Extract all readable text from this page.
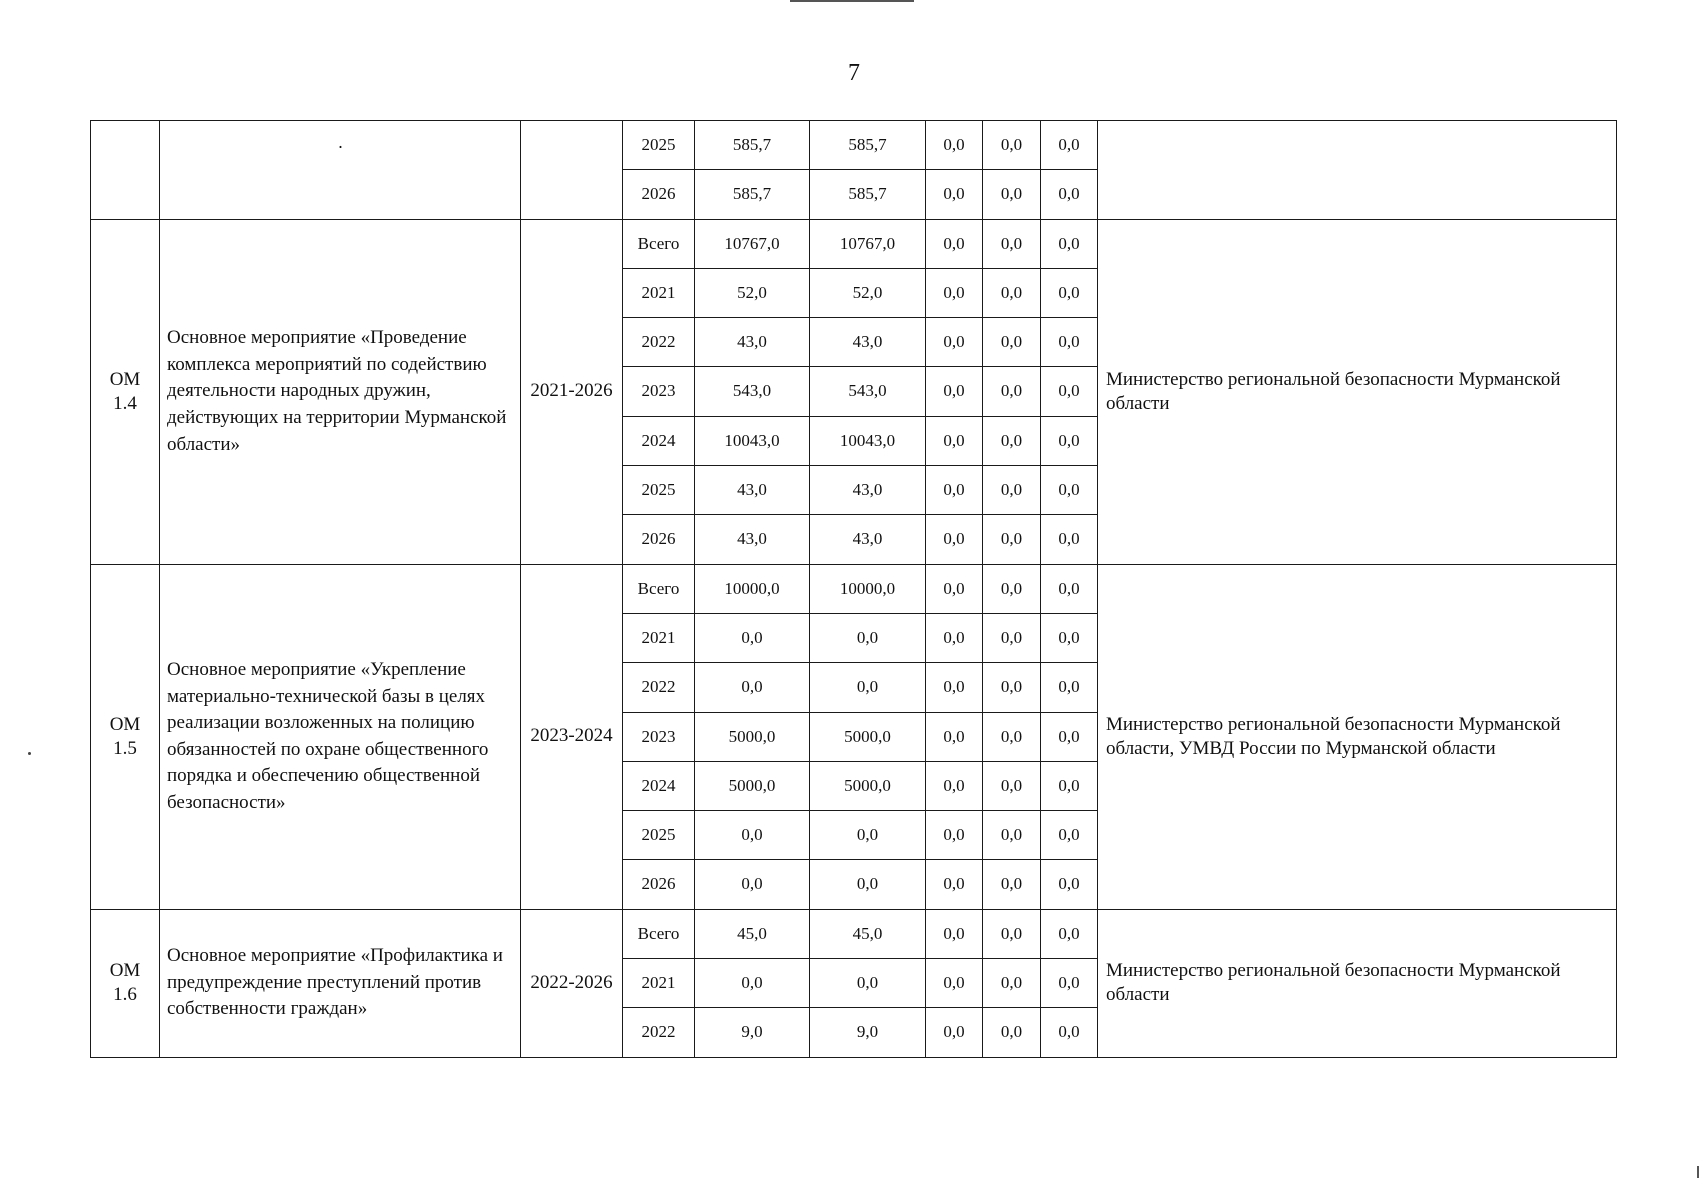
7

	·		2025	585,7	585,7	0,0	0,0	0,0	
			2026	585,7	585,7	0,0	0,0	0,0	

ОМ
1.4	Основное мероприятие «Проведение комплекса мероприятий по содействию деятельности народных дружин, действующих на территории Мурманской области»	2021-2026	Всего	10767,0	10767,0	0,0	0,0	0,0	Министерство региональной безопасности Мурманской области
			2021	52,0	52,0	0,0	0,0	0,0	
			2022	43,0	43,0	0,0	0,0	0,0	
			2023	543,0	543,0	0,0	0,0	0,0	
			2024	10043,0	10043,0	0,0	0,0	0,0	
			2025	43,0	43,0	0,0	0,0	0,0	
			2026	43,0	43,0	0,0	0,0	0,0	

ОМ
1.5	Основное мероприятие «Укрепление материально-технической базы в целях реализации возложенных на полицию обязанностей по охране общественного порядка и обеспечению общественной безопасности»	2023-2024	Всего	10000,0	10000,0	0,0	0,0	0,0	Министерство региональной безопасности Мурманской области, УМВД России по Мурманской области
			2021	0,0	0,0	0,0	0,0	0,0	
			2022	0,0	0,0	0,0	0,0	0,0	
			2023	5000,0	5000,0	0,0	0,0	0,0	
			2024	5000,0	5000,0	0,0	0,0	0,0	
			2025	0,0	0,0	0,0	0,0	0,0	
			2026	0,0	0,0	0,0	0,0	0,0	

ОМ
1.6	Основное мероприятие «Профилактика и предупреждение преступлений против собственности граждан»	2022-2026	Всего	45,0	45,0	0,0	0,0	0,0	Министерство региональной безопасности Мурманской области
			2021	0,0	0,0	0,0	0,0	0,0	
			2022	9,0	9,0	0,0	0,0	0,0	
